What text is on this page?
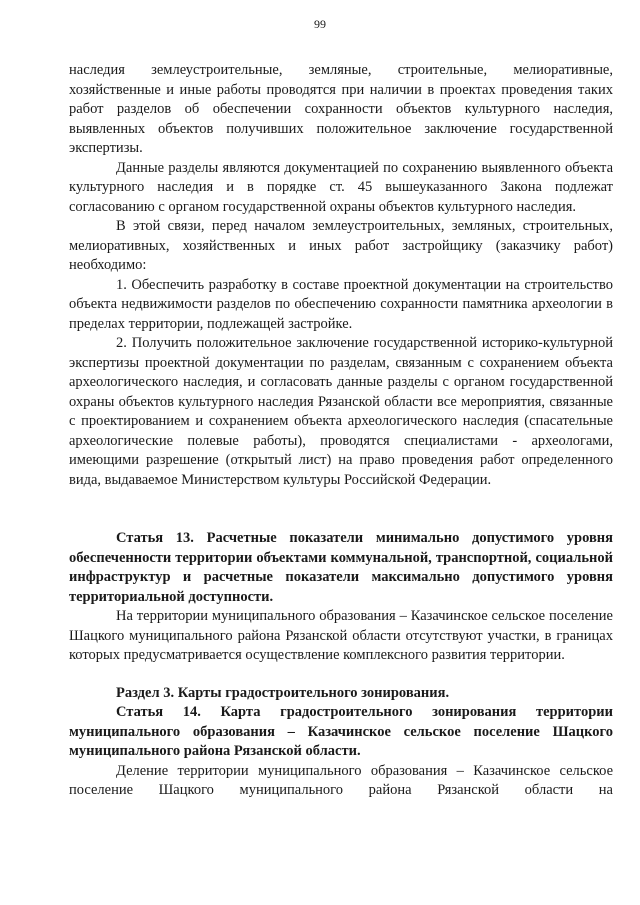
99

наследия землеустроительные, земляные, строительные, мелиоративные, хозяйственные и иные работы проводятся при наличии в проектах проведения таких работ разделов об обеспечении сохранности объектов культурного наследия, выявленных объектов получивших положительное заключение государственной экспертизы.

Данные разделы являются документацией по сохранению выявленного объекта культурного наследия и в порядке ст. 45 вышеуказанного Закона подлежат согласованию с органом государственной охраны объектов культурного наследия.

В этой связи, перед началом землеустроительных, земляных, строительных, мелиоративных, хозяйственных и иных работ застройщику (заказчику работ) необходимо:

1. Обеспечить разработку в составе проектной документации на строительство объекта недвижимости разделов по обеспечению сохранности памятника археологии в пределах территории, подлежащей застройке.

2. Получить положительное заключение государственной историко-культурной экспертизы проектной документации по разделам, связанным с сохранением объекта археологического наследия, и согласовать данные разделы с органом государственной охраны объектов культурного наследия Рязанской области все мероприятия, связанные с проектированием и сохранением объекта археологического наследия (спасательные археологические полевые работы), проводятся специалистами - археологами, имеющими разрешение (открытый лист) на право проведения работ определенного вида, выдаваемое Министерством культуры Российской Федерации.

Статья 13. Расчетные показатели минимально допустимого уровня обеспеченности территории объектами коммунальной, транспортной, социальной инфраструктур и расчетные показатели максимально допустимого уровня территориальной доступности.

На территории муниципального образования – Казачинское сельское поселение Шацкого муниципального района Рязанской области отсутствуют участки, в границах которых предусматривается осуществление комплексного развития территории.

Раздел 3. Карты градостроительного зонирования.
Статья 14. Карта градостроительного зонирования территории муниципального образования – Казачинское сельское поселение Шацкого муниципального района Рязанской области.

Деление территории муниципального образования – Казачинское сельское поселение Шацкого муниципального района Рязанской области на
